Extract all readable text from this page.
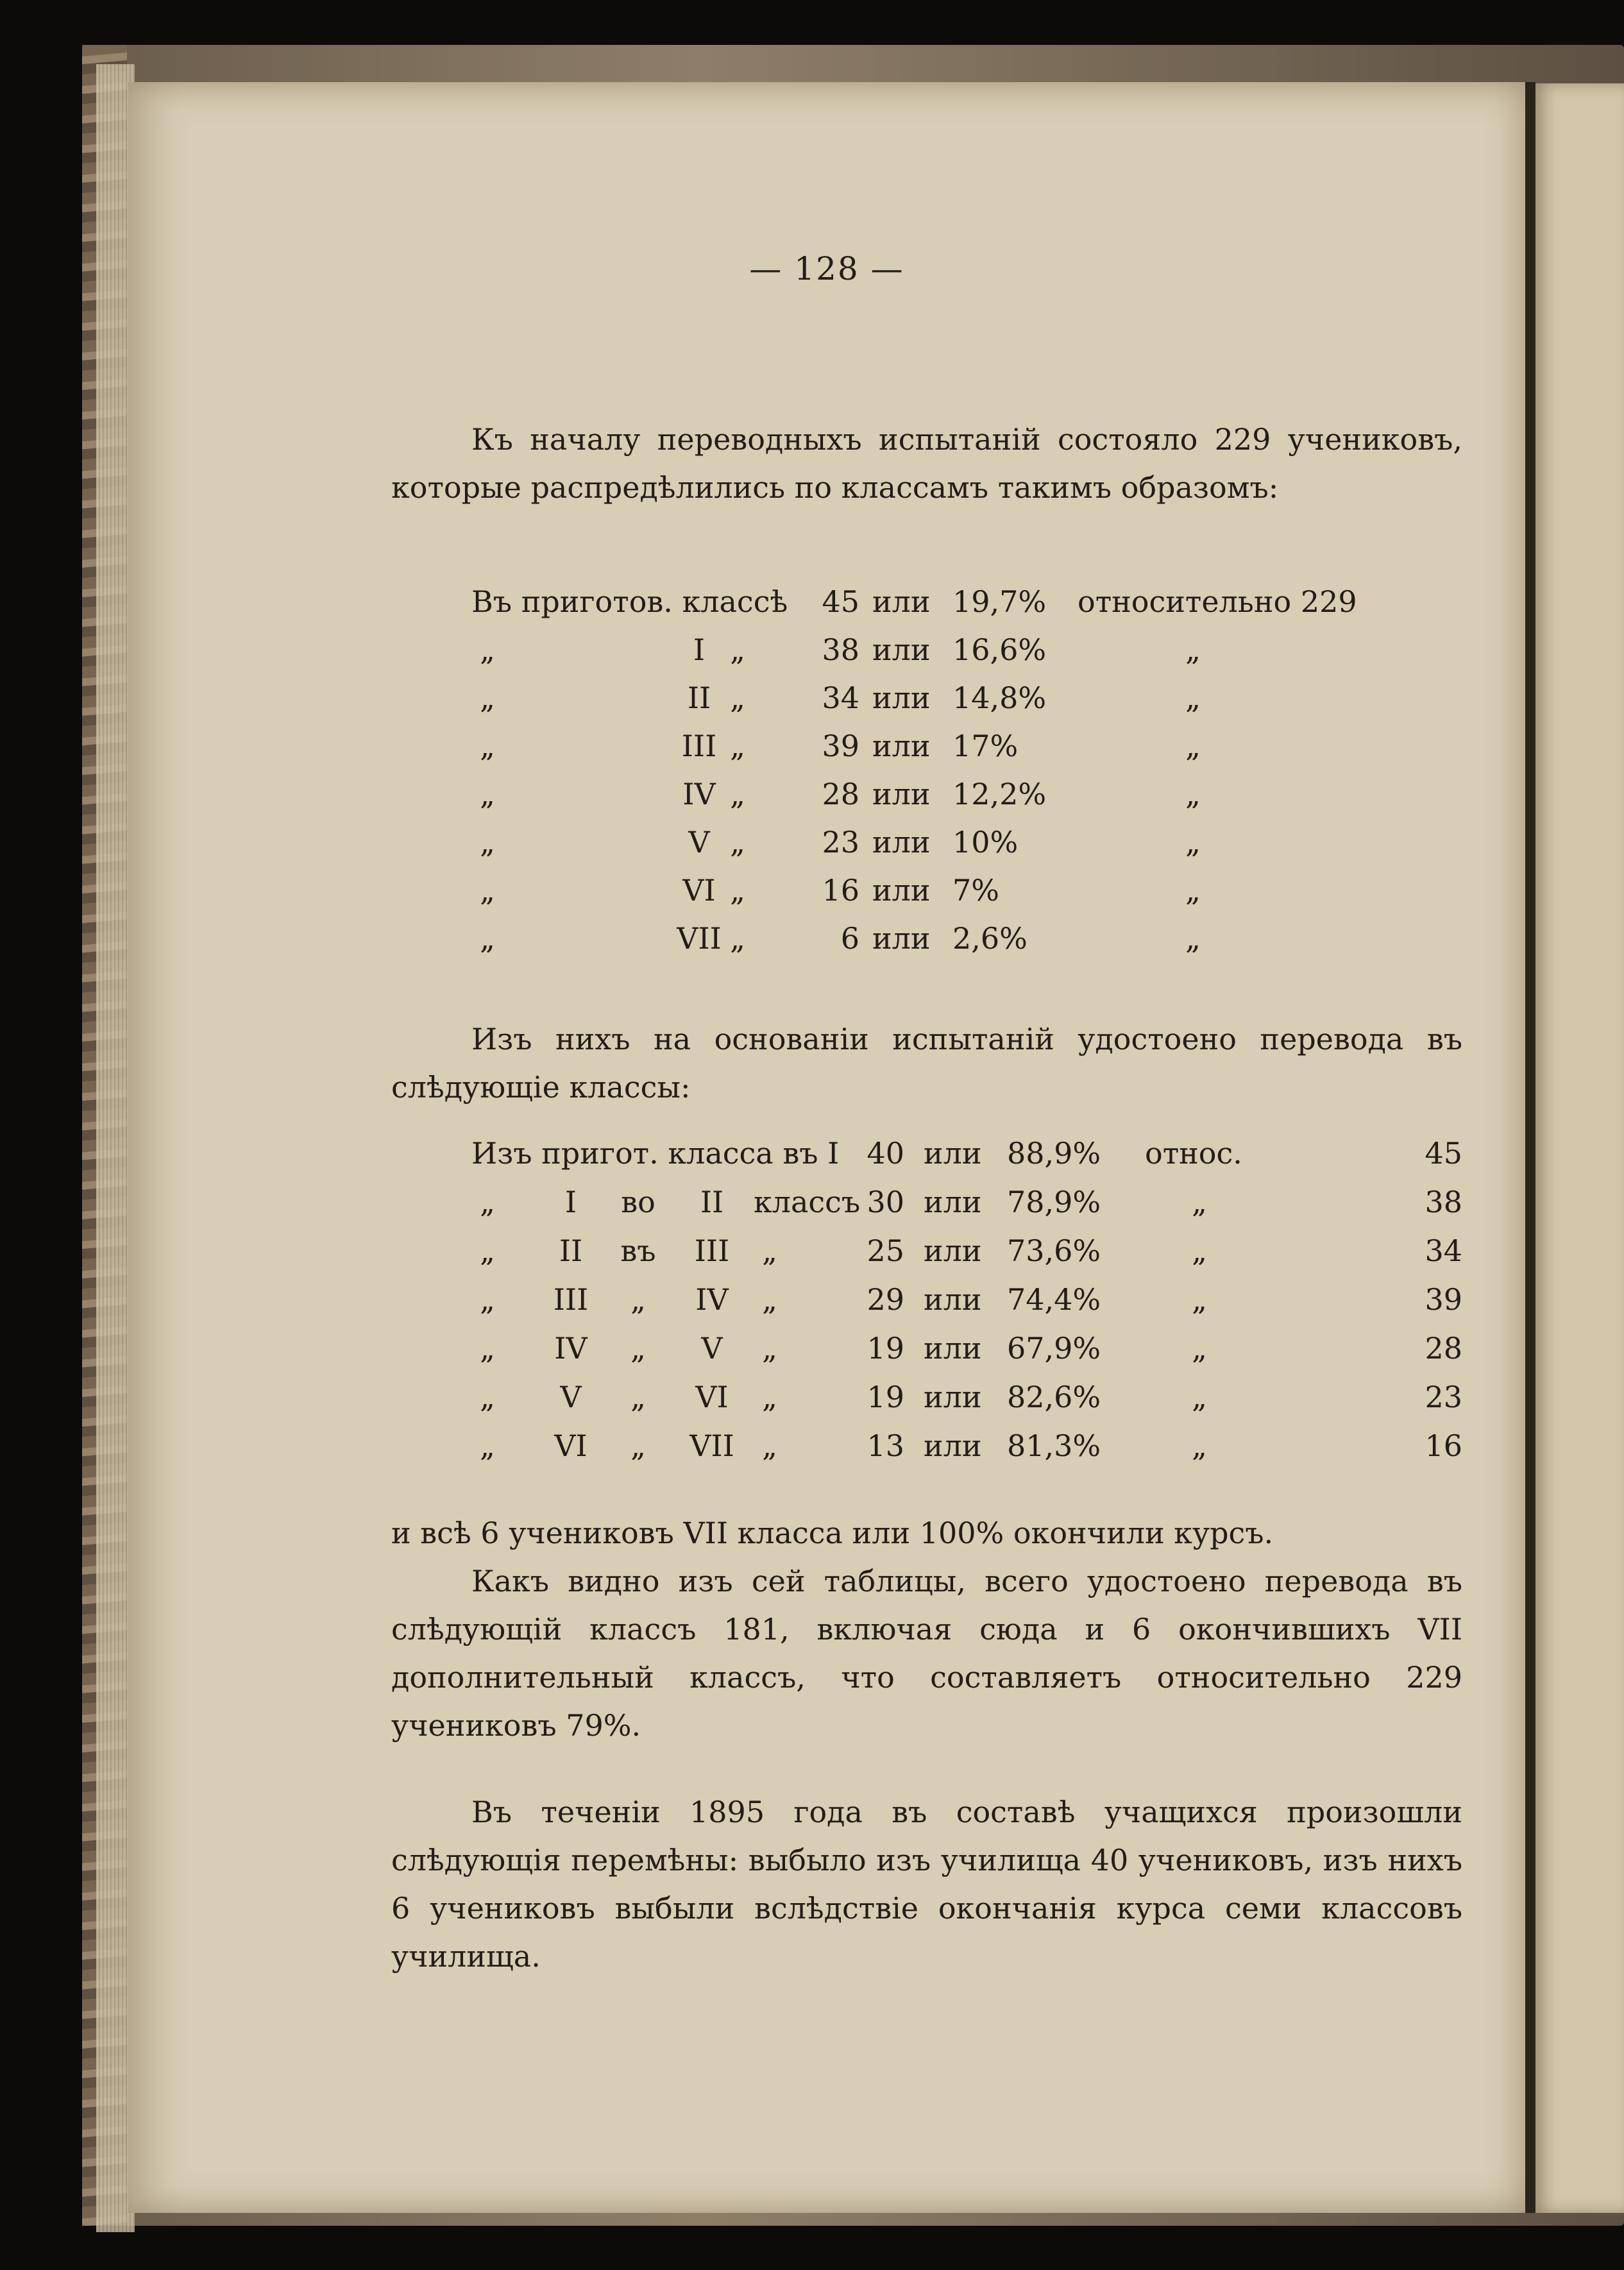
— 128 —

Къ началу переводныхъ испытаній состояло 229 учениковъ, которые распредѣлились по классамъ такимъ образомъ:

Въ приготов. классѣ	45 или 19,7%	относительно 229
„	I „	38 или 16,6%	„
„	II „	34 или 14,8%	„
„	III „	39 или 17%	„
„	IV „	28 или 12,2%	„
„	V „	23 или 10%	„
„	VI „	16 или 7%	„
„	VII „	6 или 2,6%	„

Изъ нихъ на основаніи испытаній удостоено перевода въ слѣдующіе классы:

Изъ пригот. класса въ I 40 или 88,9%	относ.	45
„	I	во	II	классъ 30 или 78,9%	„	38
„	II	въ	III	„	25 или 73,6%	„	34
„	III	„	IV	„	29 или 74,4%	„	39
„	IV	„	V	„	19 или 67,9%	„	28
„	V	„	VI	„	19 или 82,6%	„	23
„	VI	„	VII „	13 или 81,3%	„	16

и всѣ 6 учениковъ VII класса или 100% окончили курсъ.

Какъ видно изъ сей таблицы, всего удостоено перевода въ слѣдующій классъ 181, включая сюда и 6 окончившихъ VII дополнительный классъ, что составляетъ относительно 229 учениковъ 79%.

Въ теченіи 1895 года въ составѣ учащихся произошли слѣдующія перемѣны: выбыло изъ училища 40 учениковъ, изъ нихъ 6 учениковъ выбыли вслѣдствіе окончанія курса семи классовъ училища.
